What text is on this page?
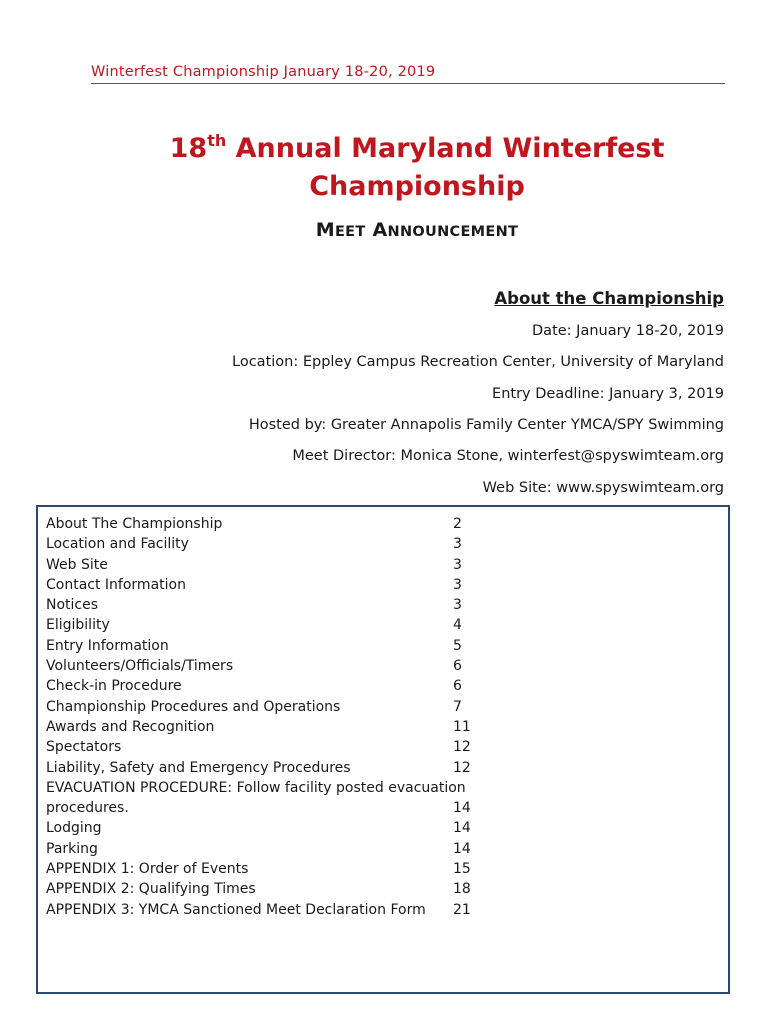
Winterfest Championship January 18-20, 2019
18th Annual Maryland Winterfest
Championship
MEET ANNOUNCEMENT
About the Championship
Date: January 18-20, 2019
Location: Eppley Campus Recreation Center, University of Maryland
Entry Deadline: January 3, 2019
Hosted by: Greater Annapolis Family Center YMCA/SPY Swimming
Meet Director: Monica Stone, winterfest@spyswimteam.org
Web Site: www.spyswimteam.org
About The Championship	2
Location and Facility	3
Web Site	3
Contact Information	3
Notices	3
Eligibility	4
Entry Information	5
Volunteers/Officials/Timers	6
Check-in Procedure	6
Championship Procedures and Operations	7
Awards and Recognition	11
Spectators	12
Liability, Safety and Emergency Procedures	12
EVACUATION PROCEDURE: Follow facility posted evacuation
procedures.	14
Lodging	14
Parking	14
APPENDIX 1: Order of Events	15
APPENDIX 2: Qualifying Times	18
APPENDIX 3: YMCA Sanctioned Meet Declaration Form 21
